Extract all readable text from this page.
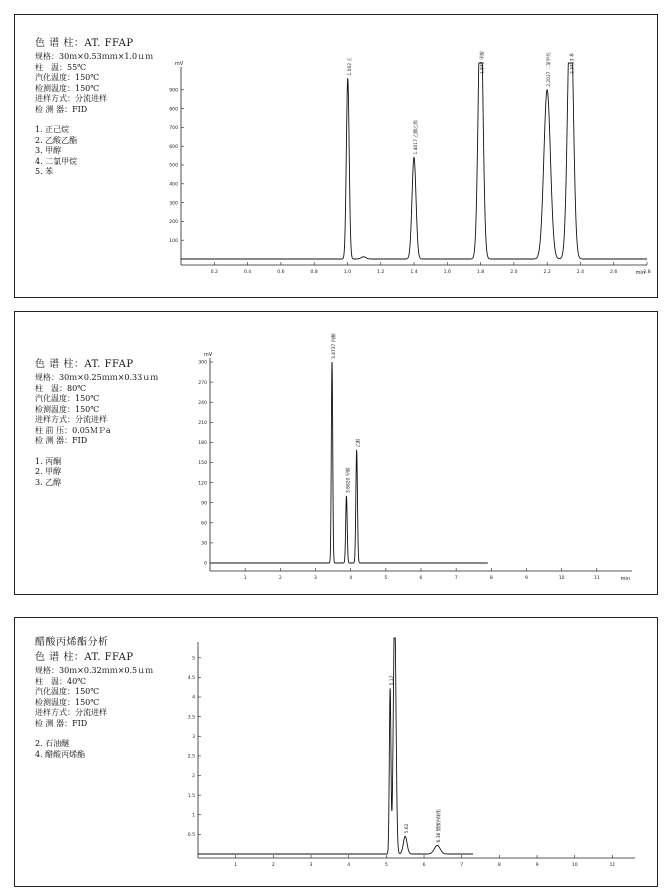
色 谱 柱：AT. FFAP
规格：30ｍ×0.53ｍｍ×1.0ｕｍ
柱　温：55℃
汽化温度：150℃
检测温度：150℃
进样方式：分流进样
检 测 器：FID
1. 正己烷
2. 乙酸乙酯
3. 甲醇
4. 二氯甲烷
5. 苯
mV
min
100
200
300
400
500
600
700
800
900
0.2	0.4	0.6	0.8	1.0	1.2	1.4	1.6	1.8	2.0	2.2	2.4	2.6	2.8
1.002 正
1.4017 乙酸乙酯
1.842 甲醇	2.2027 二氯甲烷	2.3413 苯
色 谱 柱：AT. FFAP
规格：30ｍ×0.25ｍｍ×0.33ｕｍ
柱　温：80℃
汽化温度：150℃
检测温度：150℃
进样方式：分流进样
柱 前 压：0.05ＭＰa
检 测 器：FID
1. 丙酮
2. 甲醇
3. 乙醇
mV
min
0
30
60
90
120
150
180
210
240
270
300
1	2	3	4	5	6	7	8	9	10	11
3.4737 丙酮
3.8820 甲醇
乙醇
醋酸丙烯酯分析
色 谱 柱：AT. FFAP
规格：30ｍ×0.32ｍｍ×0.5ｕｍ
柱　温：40℃
汽化温度：150℃
检测温度：150℃
进样方式：分流进样
检 测 器：FID
2. 石油醚
4. 醋酸丙烯酯
0.5
1
1.5
2
2.5
3
3.5
4
4.5
5
1	2	3	4	5	6	7	8	9	10	11
5.17
5.62	6.36 醋酸丙烯酯
